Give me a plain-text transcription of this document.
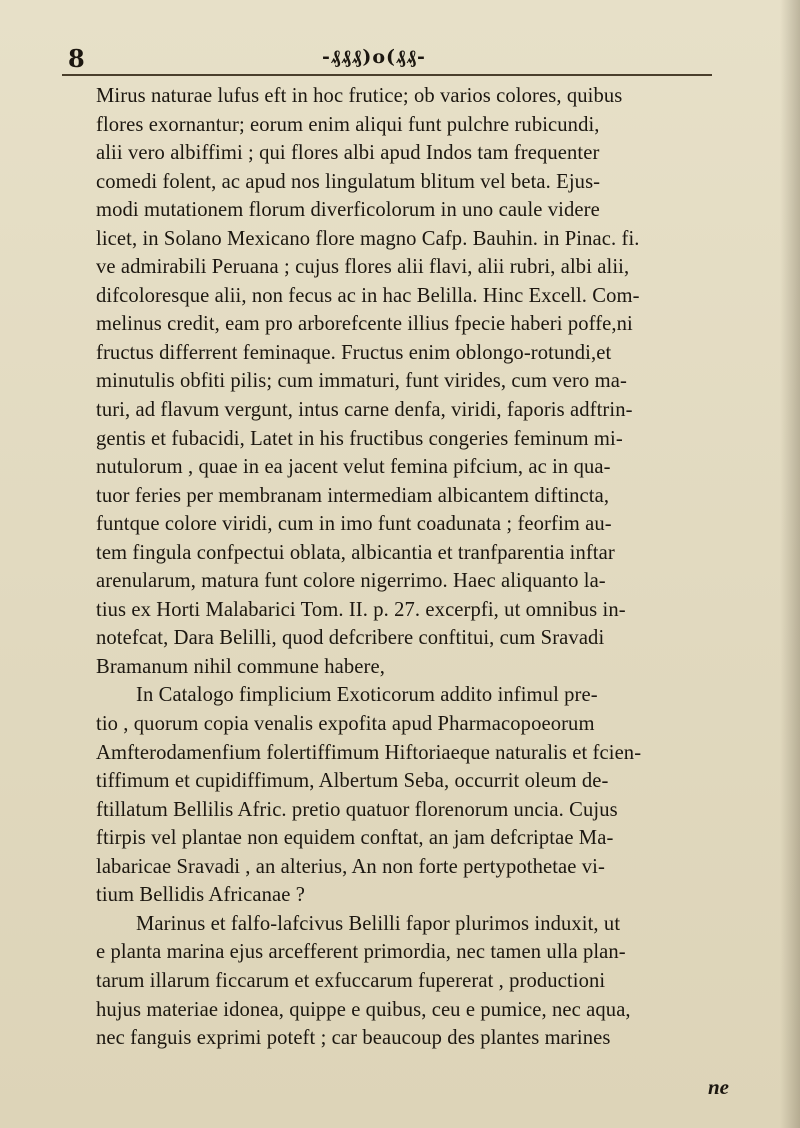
8	-₰₰₰)o(₰₰-
Mirus naturae lufus eft in hoc frutice; ob varios colores, quibus
flores exornantur; eorum enim aliqui funt pulchre rubicundi,
alii vero albiffimi ; qui flores albi apud Indos tam frequenter
comedi folent, ac apud nos lingulatum blitum vel beta. Ejus-
modi mutationem florum diverficolorum in uno caule videre
licet, in Solano Mexicano flore magno Cafp. Bauhin. in Pinac. fi.
ve admirabili Peruana ; cujus flores alii flavi, alii rubri, albi alii,
difcoloresque alii, non fecus ac in hac Belilla. Hinc Excell. Com-
melinus credit, eam pro arborefcente illius fpecie haberi poffe,ni
fructus differrent feminaque. Fructus enim oblongo-rotundi,et
minutulis obfiti pilis; cum immaturi, funt virides, cum vero ma-
turi, ad flavum vergunt, intus carne denfa, viridi, faporis adftrin-
gentis et fubacidi, Latet in his fructibus congeries feminum mi-
nutulorum , quae in ea jacent velut femina pifcium, ac in qua-
tuor feries per membranam intermediam albicantem diftincta,
funtque colore viridi, cum in imo funt coadunata ; feorfim au-
tem fingula confpectui oblata, albicantia et tranfparentia inftar
arenularum, matura funt colore nigerrimo. Haec aliquanto la-
tius ex Horti Malabarici Tom. II. p. 27. excerpfi, ut omnibus in-
notefcat, Dara Belilli, quod defcribere conftitui, cum Sravadi
Bramanum nihil commune habere,
In Catalogo fimplicium Exoticorum addito infimul pre-
tio , quorum copia venalis expofita apud Pharmacopoeorum
Amfterodamenfium folertiffimum Hiftoriaeque naturalis et fcien-
tiffimum et cupidiffimum, Albertum Seba, occurrit oleum de-
ftillatum Bellilis Afric. pretio quatuor florenorum uncia. Cujus
ftirpis vel plantae non equidem conftat, an jam defcriptae Ma-
labaricae Sravadi , an alterius, An non forte pertypothetae vi-
tium Bellidis Africanae ?
Marinus et falfo-lafcivus Belilli fapor plurimos induxit, ut
e planta marina ejus arcefferent primordia, nec tamen ulla plan-
tarum illarum ficcarum et exfuccarum fupererat , productioni
hujus materiae idonea, quippe e quibus, ceu e pumice, nec aqua,
nec fanguis exprimi poteft ; car beaucoup des plantes marines
ne
